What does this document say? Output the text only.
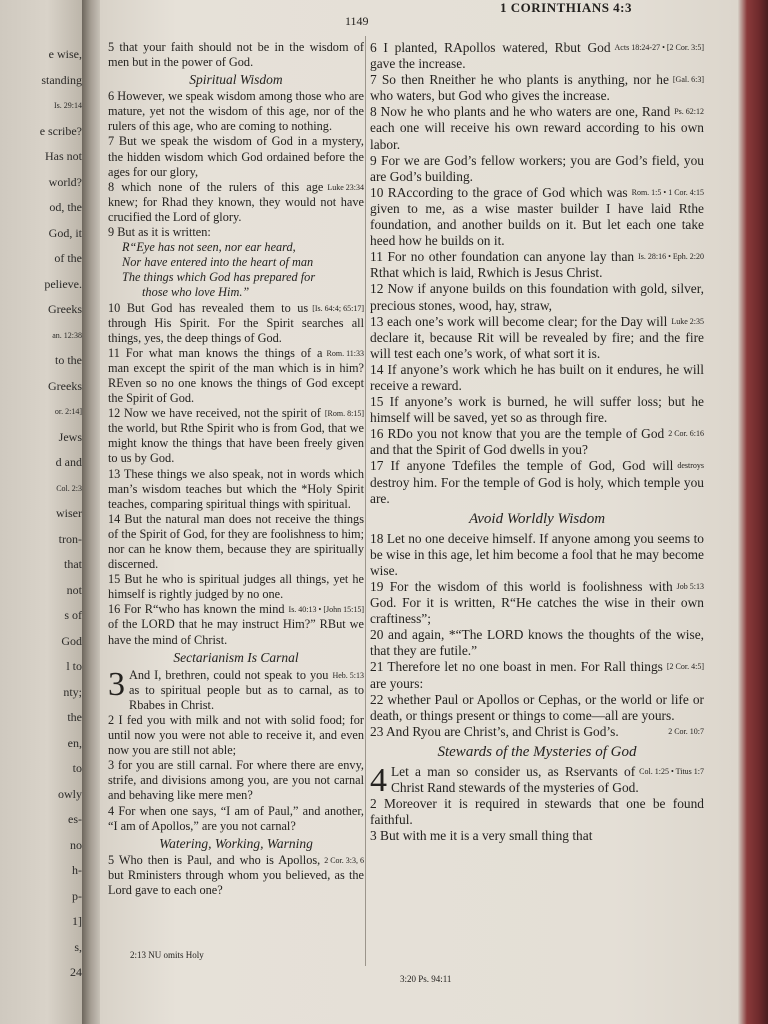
e wise,
standing
Is. 29:14
e scribe?
Has not
world?
od, the
God, it
of the
pelieve.
Greeks
an. 12:38
to the
Greeks
or. 2:14]
Jews
d and
Col. 2:3
wiser
tron-
that
not
s of
God
l to
nty;
the
en,
to
owly
es-
no
h-
p-
1]
s,
24
1149
1 CORINTHIANS 4:3
5 that your faith should not be in the wisdom of men but in the power of God.
Spiritual Wisdom
6 However, we speak wisdom among those who are mature, yet not the wisdom of this age, nor of the rulers of this age, who are coming to nothing.
7 But we speak the wisdom of God in a mystery, the hidden wisdom which God ordained before the ages for our glory,
Luke 23:34
8 which none of the rulers of this age knew; for Rhad they known, they would not have crucified the Lord of glory.
9 But as it is written:
R“Eye has not seen, nor ear heard,
Nor have entered into the heart of man
The things which God has prepared for
those who love Him.”
[Is. 64:4; 65:17]
10 But God has revealed them to us through His Spirit. For the Spirit searches all things, yes, the deep things of God.
Rom. 11:33
11 For what man knows the things of a man except the spirit of the man which is in him? REven so no one knows the things of God except the Spirit of God.
[Rom. 8:15]
12 Now we have received, not the spirit of the world, but Rthe Spirit who is from God, that we might know the things that have been freely given to us by God.
13 These things we also speak, not in words which man’s wisdom teaches but which the *Holy Spirit teaches, comparing spiritual things with spiritual.
14 But the natural man does not receive the things of the Spirit of God, for they are foolishness to him; nor can he know them, because they are spiritually discerned.
15 But he who is spiritual judges all things, yet he himself is rightly judged by no one.
Is. 40:13 • [John 15:15]
16 For R“who has known the mind of the LORD that he may instruct Him?” RBut we have the mind of Christ.
Sectarianism Is Carnal
3	Heb. 5:13
And I, brethren, could not speak to you as to spiritual people but as to carnal, as to Rbabes in Christ.
2 I fed you with milk and not with solid food; for until now you were not able to receive it, and even now you are still not able;
3 for you are still carnal. For where there are envy, strife, and divisions among you, are you not carnal and behaving like mere men?
4 For when one says, “I am of Paul,” and another, “I am of Apollos,” are you not carnal?
Watering, Working, Warning
2 Cor. 3:3, 6
5 Who then is Paul, and who is Apollos, but Rministers through whom you believed, as the Lord gave to each one?
Acts 18:24-27 • [2 Cor. 3:5]
6 I planted, RApollos watered, Rbut God gave the increase.
[Gal. 6:3]
7 So then Rneither he who plants is anything, nor he who waters, but God who gives the increase.
Ps. 62:12
8 Now he who plants and he who waters are one, Rand each one will receive his own reward according to his own labor.
9 For we are God’s fellow workers; you are God’s field, you are God’s building.
Rom. 1:5 • 1 Cor. 4:15
10 RAccording to the grace of God which was given to me, as a wise master builder I have laid Rthe foundation, and another builds on it. But let each one take heed how he builds on it.
Is. 28:16 • Eph. 2:20
11 For no other foundation can anyone lay than Rthat which is laid, Rwhich is Jesus Christ.
12 Now if anyone builds on this foundation with gold, silver, precious stones, wood, hay, straw,
Luke 2:35
13 each one’s work will become clear; for the Day will declare it, because Rit will be revealed by fire; and the fire will test each one’s work, of what sort it is.
14 If anyone’s work which he has built on it endures, he will receive a reward.
15 If anyone’s work is burned, he will suffer loss; but he himself will be saved, yet so as through fire.
2 Cor. 6:16
16 RDo you not know that you are the temple of God and that the Spirit of God dwells in you?
destroys
17 If anyone Tdefiles the temple of God, God will destroy him. For the temple of God is holy, which temple you are.
Avoid Worldly Wisdom
18 Let no one deceive himself. If anyone among you seems to be wise in this age, let him become a fool that he may become wise.
Job 5:13
19 For the wisdom of this world is foolishness with God. For it is written, R“He catches the wise in their own craftiness”;
20 and again, *“The LORD knows the thoughts of the wise, that they are futile.”
[2 Cor. 4:5]
21 Therefore let no one boast in men. For Rall things are yours:
22 whether Paul or Apollos or Cephas, or the world or life or death, or things present or things to come—all are yours.
2 Cor. 10:7
23 And Ryou are Christ’s, and Christ is God’s.
Stewards of the Mysteries of God
4	Col. 1:25 • Titus 1:7
Let a man so consider us, as Rservants of Christ Rand stewards of the mysteries of God.
2 Moreover it is required in stewards that one be found faithful.
3 But with me it is a very small thing that
2:13 NU omits Holy
3:20 Ps. 94:11
